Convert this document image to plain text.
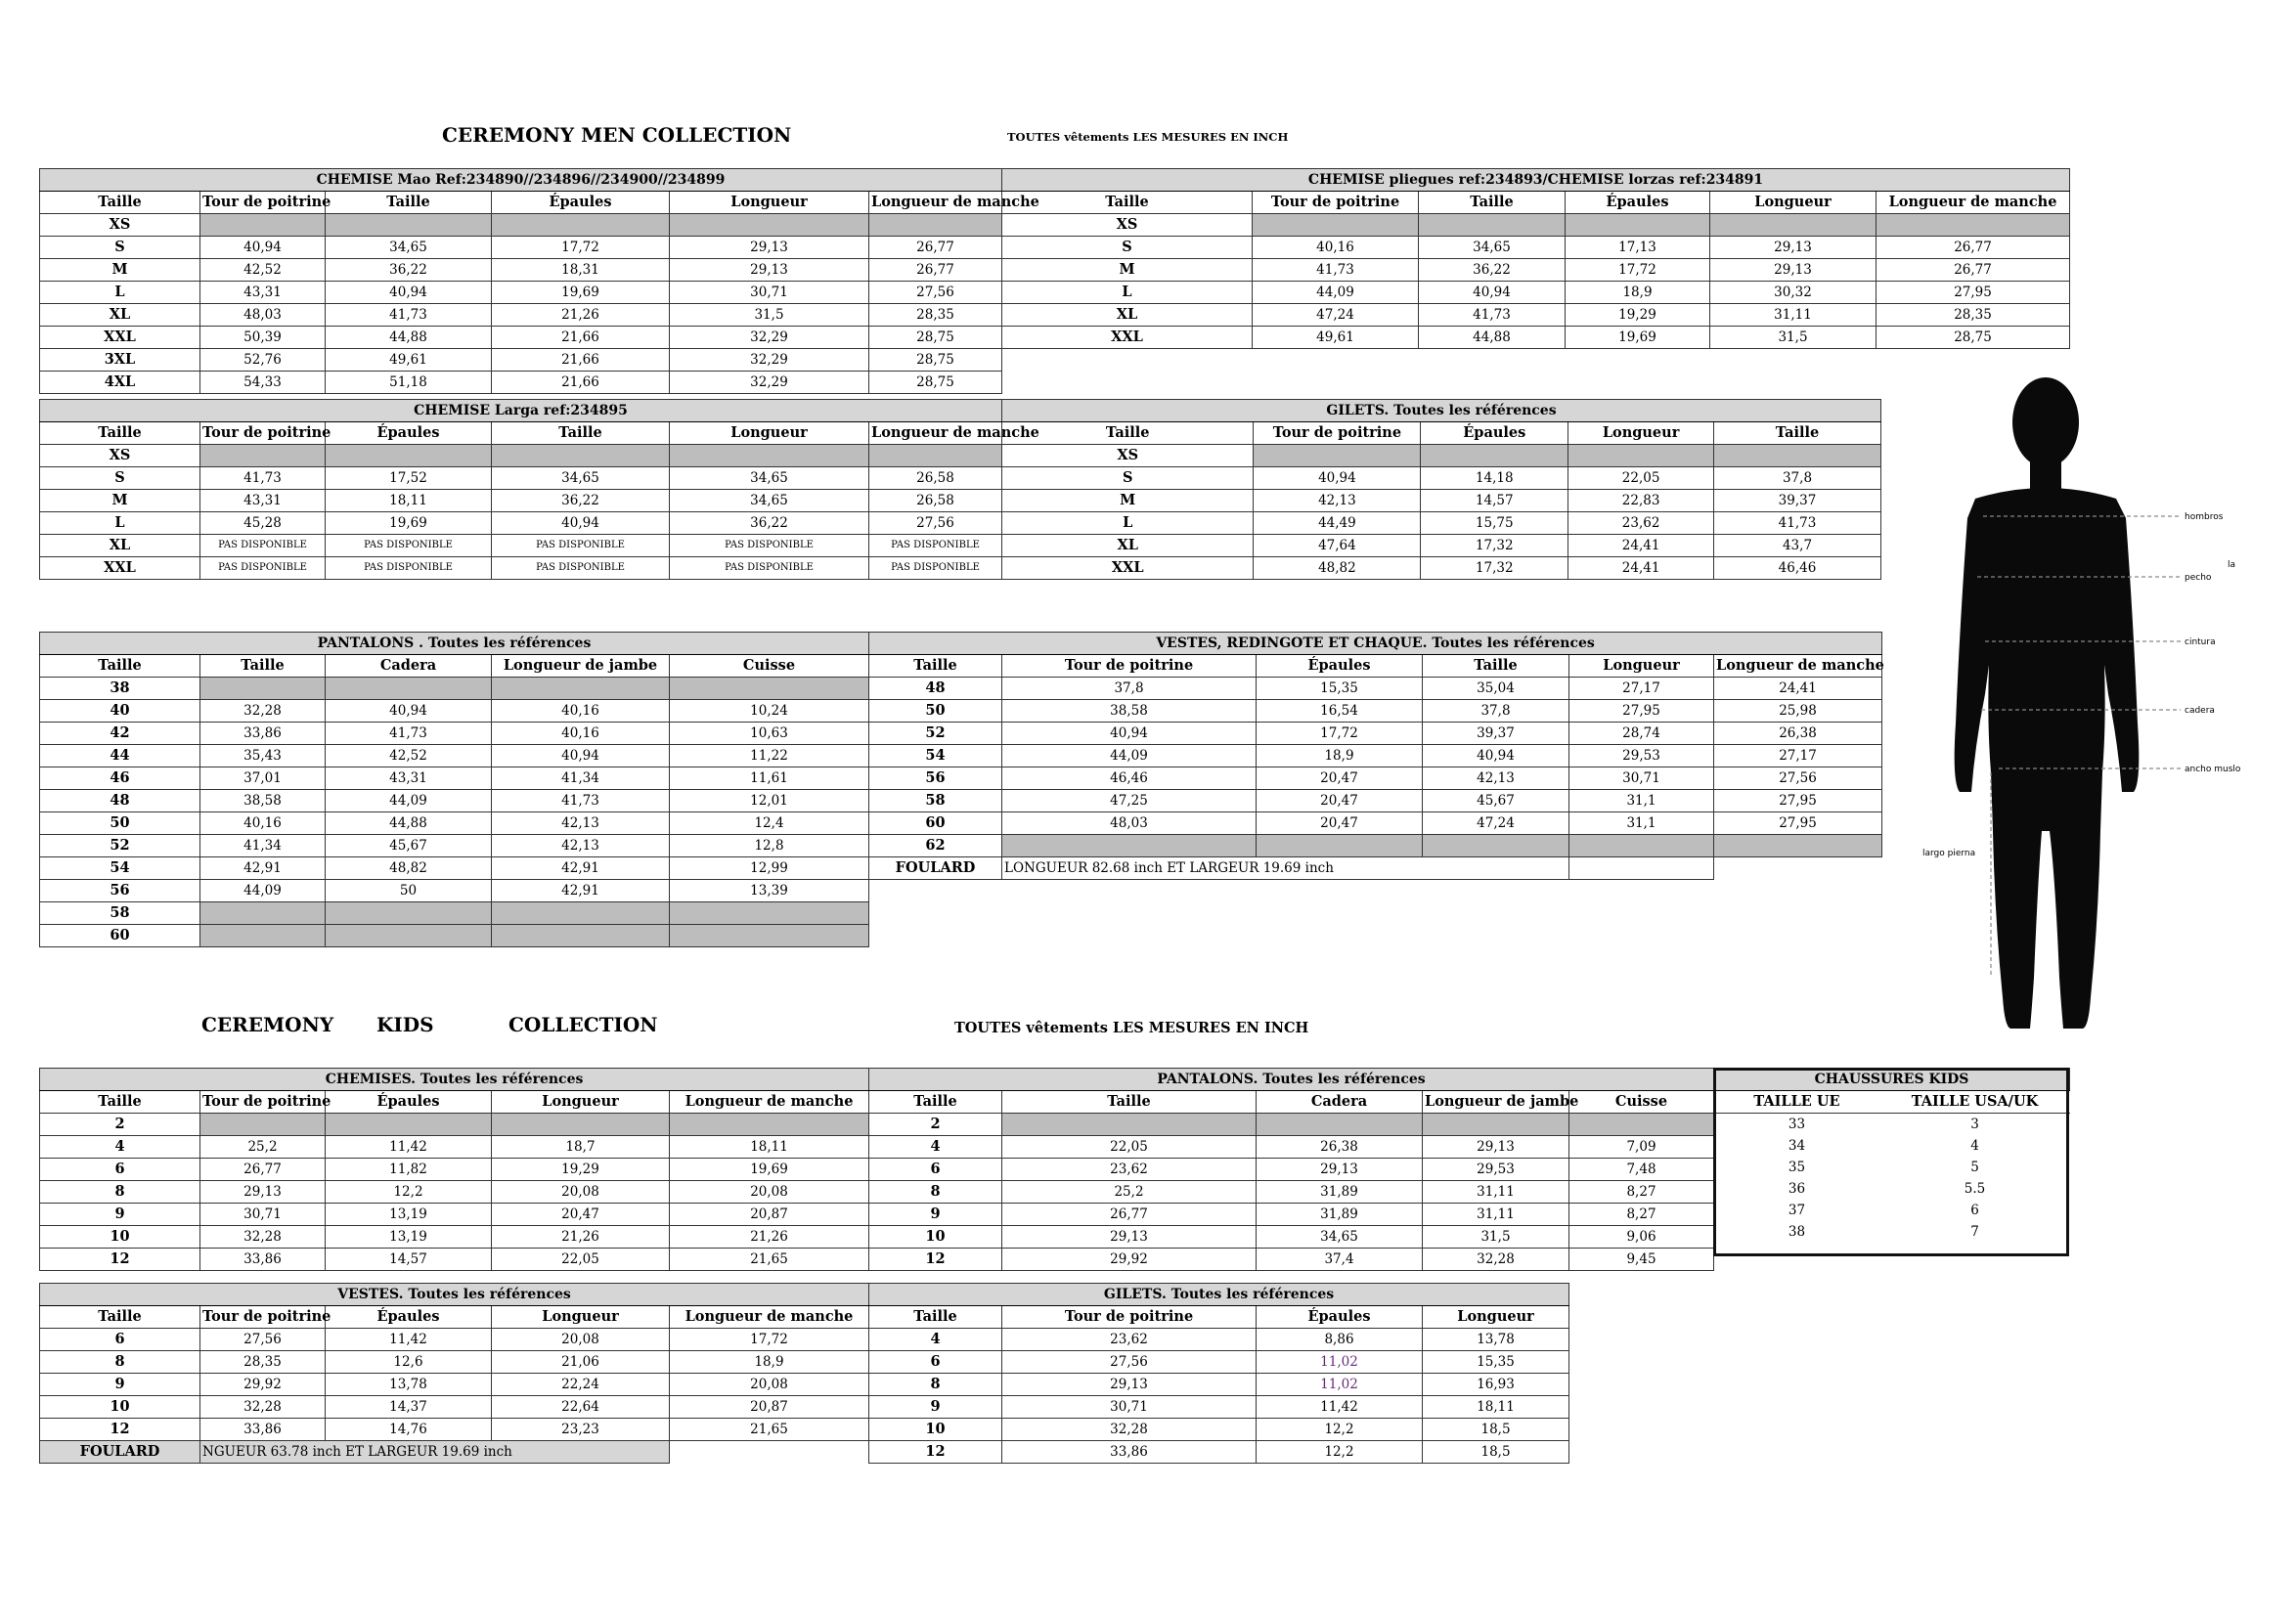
CEREMONY MEN COLLECTION	TOUTES vêtements LES MESURES EN INCH
CHEMISE Mao Ref:234890//234896//234900//234899					
Taille	Tour de poitrine	Taille	Épaules	Longueur	Longueur de manche
XS					
S	40,94	34,65	17,72	29,13	26,77
M	42,52	36,22	18,31	29,13	26,77
L	43,31	40,94	19,69	30,71	27,56
XL	48,03	41,73	21,26	31,5	28,35
XXL	50,39	44,88	21,66	32,29	28,75
3XL	52,76	49,61	21,66	32,29	28,75
4XL	54,33	51,18	21,66	32,29	28,75
CHEMISE pliegues ref:234893/CHEMISE lorzas ref:234891					
Taille	Tour de poitrine	Taille	Épaules	Longueur	Longueur de manche
XS					
S	40,16	34,65	17,13	29,13	26,77
M	41,73	36,22	17,72	29,13	26,77
L	44,09	40,94	18,9	30,32	27,95
XL	47,24	41,73	19,29	31,11	28,35
XXL	49,61	44,88	19,69	31,5	28,75
CHEMISE Larga ref:234895					
Taille	Tour de poitrine	Épaules	Taille	Longueur	Longueur de manche
XS					
S	41,73	17,52	34,65	34,65	26,58
M	43,31	18,11	36,22	34,65	26,58
L	45,28	19,69	40,94	36,22	27,56
XL	PAS DISPONIBLE	PAS DISPONIBLE	PAS DISPONIBLE	PAS DISPONIBLE	PAS DISPONIBLE
XXL	PAS DISPONIBLE	PAS DISPONIBLE	PAS DISPONIBLE	PAS DISPONIBLE	PAS DISPONIBLE
GILETS. Toutes les références				
Taille	Tour de poitrine	Épaules	Longueur	Taille
XS				
S	40,94	14,18	22,05	37,8
M	42,13	14,57	22,83	39,37
L	44,49	15,75	23,62	41,73
XL	47,64	17,32	24,41	43,7
XXL	48,82	17,32	24,41	46,46
PANTALONS . Toutes les références				
Taille	Taille	Cadera	Longueur de jambe	Cuisse
38				
40	32,28	40,94	40,16	10,24
42	33,86	41,73	40,16	10,63
44	35,43	42,52	40,94	11,22
46	37,01	43,31	41,34	11,61
48	38,58	44,09	41,73	12,01
50	40,16	44,88	42,13	12,4
52	41,34	45,67	42,13	12,8
54	42,91	48,82	42,91	12,99
56	44,09	50	42,91	13,39
58				
60				
VESTES, REDINGOTE ET CHAQUE. Toutes les références					
Taille	Tour de poitrine	Épaules	Taille	Longueur	Longueur de manche
48	37,8	15,35	35,04	27,17	24,41
50	38,58	16,54	37,8	27,95	25,98
52	40,94	17,72	39,37	28,74	26,38
54	44,09	18,9	40,94	29,53	27,17
56	46,46	20,47	42,13	30,71	27,56
58	47,25	20,47	45,67	31,1	27,95
60	48,03	20,47	47,24	31,1	27,95
62					
FOULARD	LONGUEUR 82.68 inch ET LARGEUR 19.69 inch				
hombros
pecho
cintura
cadera
ancho muslo
largo pierna
la
CEREMONY KIDS	COLLECTION	TOUTES vêtements LES MESURES EN INCH
CHEMISES. Toutes les références				
Taille	Tour de poitrine	Épaules	Longueur	Longueur de manche
2				
4	25,2	11,42	18,7	18,11
6	26,77	11,82	19,29	19,69
8	29,13	12,2	20,08	20,08
9	30,71	13,19	20,47	20,87
10	32,28	13,19	21,26	21,26
12	33,86	14,57	22,05	21,65
PANTALONS. Toutes les références				
Taille	Taille	Cadera	Longueur de jambe	Cuisse
2				
4	22,05	26,38	29,13	7,09
6	23,62	29,13	29,53	7,48
8	25,2	31,89	31,11	8,27
9	26,77	31,89	31,11	8,27
10	29,13	34,65	31,5	9,06
12	29,92	37,4	32,28	9,45
CHAUSSURES KIDS	
TAILLE UE	TAILLE USA/UK
33	3
34	4
35	5
36	5.5
37	6
38	7
VESTES. Toutes les références				
Taille	Tour de poitrine	Épaules	Longueur	Longueur de manche
6	27,56	11,42	20,08	17,72
8	28,35	12,6	21,06	18,9
9	29,92	13,78	22,24	20,08
10	32,28	14,37	22,64	20,87
12	33,86	14,76	23,23	21,65
FOULARD	NGUEUR 63.78 inch ET LARGEUR 19.69 inch			
GILETS. Toutes les références			
Taille	Tour de poitrine	Épaules	Longueur
4	23,62	8,86	13,78
6	27,56	11,02	15,35
8	29,13	11,02	16,93
9	30,71	11,42	18,11
10	32,28	12,2	18,5
12	33,86	12,2	18,5
